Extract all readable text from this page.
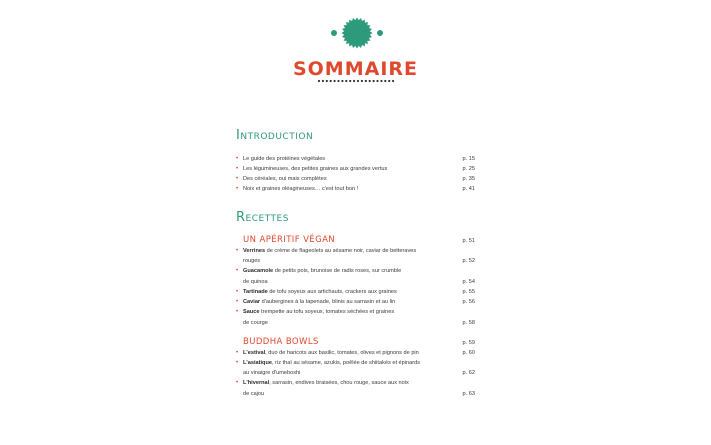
SOMMAIRE
Introduction
• Le guide des protéines végétales	p. 15
• Les légumineuses, des petites graines aux grandes vertus	p. 25
• Des céréales, oui mais complètes	p. 35
• Noix et graines oléagineuses… c'est tout bon !	p. 41
Recettes
UN APÉRITIF VÉGAN	p. 51
• Verrines de crème de flageolets au sésame noir, caviar de betteraves
rouges	p. 52
• Guacamole de petits pois, brunoise de radis roses, sur crumble
de quinoa	p. 54
• Tartinade de tofu soyeux aux artichauts, crackers aux graines	p. 55
• Caviar d'aubergines à la tapenade, blinis au sarrasin et au lin	p. 56
• Sauce trempette au tofu soyeux, tomates séchées et graines
de courge	p. 58
BUDDHA BOWLS	p. 59
• L'estival, duo de haricots aux basilic, tomates, olives et pignons de pin	p. 60
• L'asiatique, riz thaï au sésame, azukis, poêlée de shiitakés et épinards
au vinaigre d'umeboshi	p. 62
• L'hivernal, sarrasin, endives braisées, chou rouge, sauce aux noix
de cajou	p. 63
